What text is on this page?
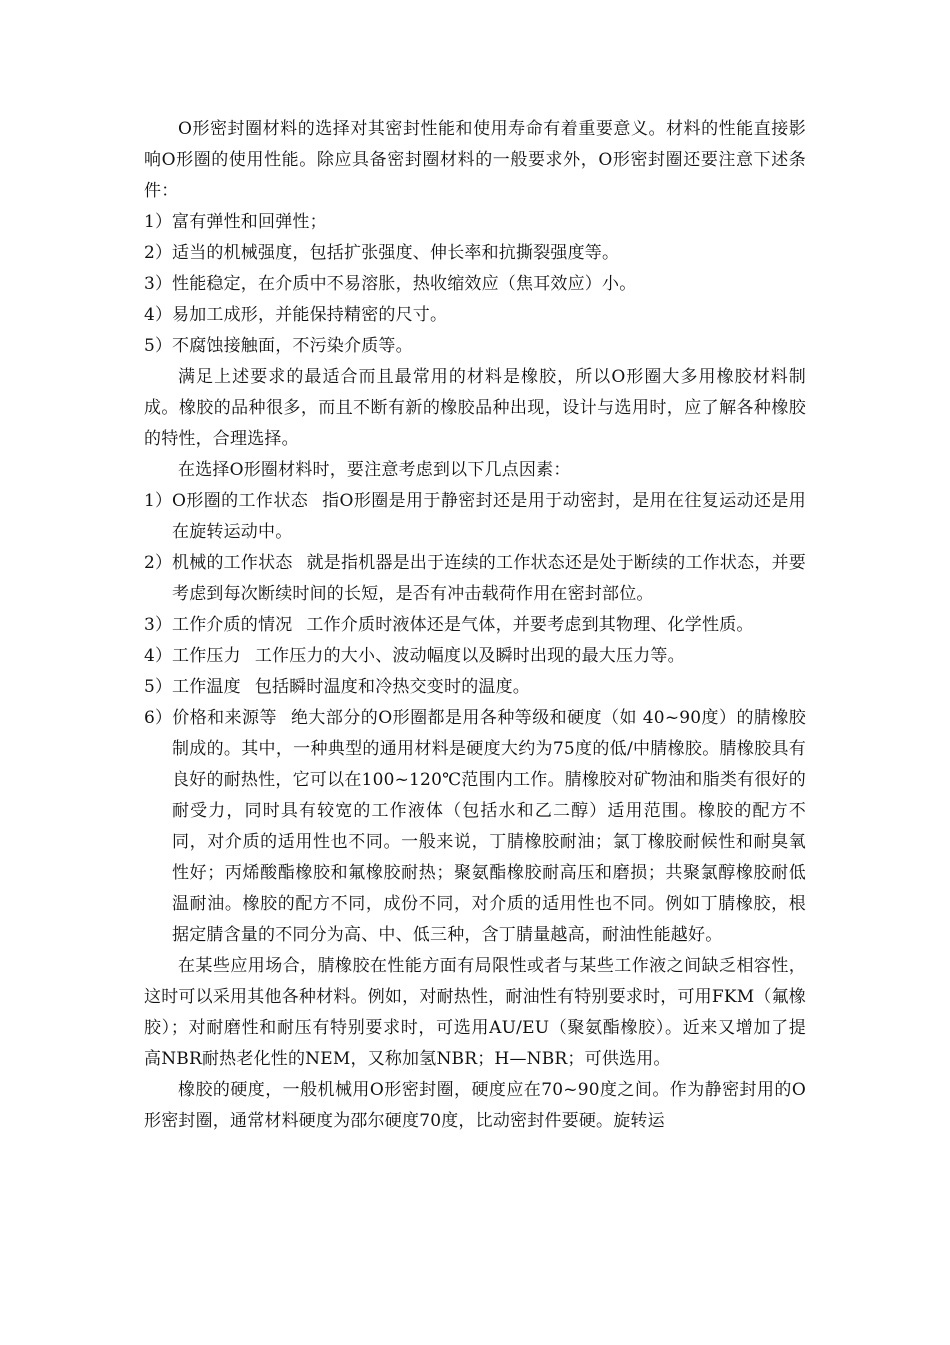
O形密封圈材料的选择对其密封性能和使用寿命有着重要意义。材料的性能直接影响O形圈的使用性能。除应具备密封圈材料的一般要求外，O形密封圈还要注意下述条件：

1）富有弹性和回弹性；
2）适当的机械强度，包括扩张强度、伸长率和抗撕裂强度等。
3）性能稳定，在介质中不易溶胀，热收缩效应（焦耳效应）小。
4）易加工成形，并能保持精密的尺寸。
5）不腐蚀接触面，不污染介质等。

满足上述要求的最适合而且最常用的材料是橡胶，所以O形圈大多用橡胶材料制成。橡胶的品种很多，而且不断有新的橡胶品种出现，设计与选用时，应了解各种橡胶的特性，合理选择。

在选择O形圈材料时，要注意考虑到以下几点因素：

1）O形圈的工作状态 指O形圈是用于静密封还是用于动密封，是用在往复运动还是用在旋转运动中。
2）机械的工作状态 就是指机器是出于连续的工作状态还是处于断续的工作状态，并要考虑到每次断续时间的长短，是否有冲击载荷作用在密封部位。
3）工作介质的情况 工作介质时液体还是气体，并要考虑到其物理、化学性质。
4）工作压力 工作压力的大小、波动幅度以及瞬时出现的最大压力等。
5）工作温度 包括瞬时温度和冷热交变时的温度。
6）价格和来源等 绝大部分的O形圈都是用各种等级和硬度（如 40~90度）的腈橡胶制成的。其中，一种典型的通用材料是硬度大约为75度的低/中腈橡胶。腈橡胶具有良好的耐热性，它可以在100~120℃范围内工作。腈橡胶对矿物油和脂类有很好的耐受力，同时具有较宽的工作液体（包括水和乙二醇）适用范围。橡胶的配方不同，对介质的适用性也不同。一般来说，丁腈橡胶耐油；氯丁橡胶耐候性和耐臭氧性好；丙烯酸酯橡胶和氟橡胶耐热；聚氨酯橡胶耐高压和磨损；共聚氯醇橡胶耐低温耐油。橡胶的配方不同，成份不同，对介质的适用性也不同。例如丁腈橡胶，根据定腈含量的不同分为高、中、低三种，含丁腈量越高，耐油性能越好。

在某些应用场合，腈橡胶在性能方面有局限性或者与某些工作液之间缺乏相容性，这时可以采用其他各种材料。例如，对耐热性，耐油性有特别要求时，可用FKM（氟橡胶）；对耐磨性和耐压有特别要求时，可选用AU/EU（聚氨酯橡胶）。近来又增加了提高NBR耐热老化性的NEM，又称加氢NBR；H—NBR；可供选用。

橡胶的硬度，一般机械用O形密封圈，硬度应在70~90度之间。作为静密封用的O形密封圈，通常材料硬度为邵尔硬度70度，比动密封件要硬。旋转运
